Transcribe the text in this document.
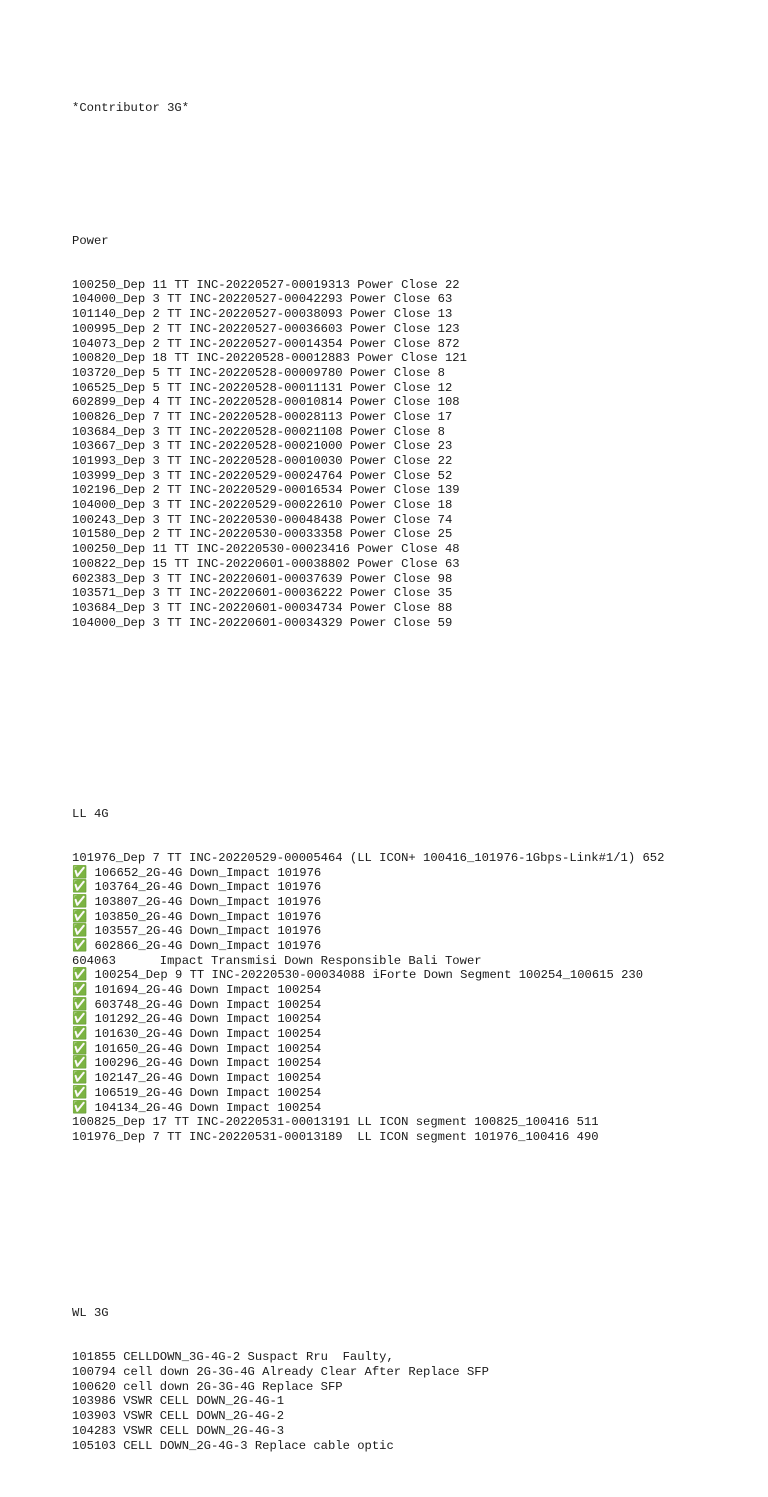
*Contributor 3G*

Power

100250_Dep 11 TT INC-20220527-00019313 Power Close 22
104000_Dep 3 TT INC-20220527-00042293 Power Close 63
101140_Dep 2 TT INC-20220527-00038093 Power Close 13
100995_Dep 2 TT INC-20220527-00036603 Power Close 123
104073_Dep 2 TT INC-20220527-00014354 Power Close 872
100820_Dep 18 TT INC-20220528-00012883 Power Close 121
103720_Dep 5 TT INC-20220528-00009780 Power Close 8
106525_Dep 5 TT INC-20220528-00011131 Power Close 12
602899_Dep 4 TT INC-20220528-00010814 Power Close 108
100826_Dep 7 TT INC-20220528-00028113 Power Close 17
103684_Dep 3 TT INC-20220528-00021108 Power Close 8
103667_Dep 3 TT INC-20220528-00021000 Power Close 23
101993_Dep 3 TT INC-20220528-00010030 Power Close 22
103999_Dep 3 TT INC-20220529-00024764 Power Close 52
102196_Dep 2 TT INC-20220529-00016534 Power Close 139
104000_Dep 3 TT INC-20220529-00022610 Power Close 18
100243_Dep 3 TT INC-20220530-00048438 Power Close 74
101580_Dep 2 TT INC-20220530-00033358 Power Close 25
100250_Dep 11 TT INC-20220530-00023416 Power Close 48
100822_Dep 15 TT INC-20220601-00038802 Power Close 63
602383_Dep 3 TT INC-20220601-00037639 Power Close 98
103571_Dep 3 TT INC-20220601-00036222 Power Close 35
103684_Dep 3 TT INC-20220601-00034734 Power Close 88
104000_Dep 3 TT INC-20220601-00034329 Power Close 59

LL 4G

101976_Dep 7 TT INC-20220529-00005464 (LL ICON+ 100416_101976-1Gbps-Link#1/1) 652
✅ 106652_2G-4G Down_Impact 101976
✅ 103764_2G-4G Down_Impact 101976
✅ 103807_2G-4G Down_Impact 101976
✅ 103850_2G-4G Down_Impact 101976
✅ 103557_2G-4G Down_Impact 101976
✅ 602866_2G-4G Down_Impact 101976
604063      Impact Transmisi Down Responsible Bali Tower
✅ 100254_Dep 9 TT INC-20220530-00034088 iForte Down Segment 100254_100615 230
✅ 101694_2G-4G Down Impact 100254
✅ 603748_2G-4G Down Impact 100254
✅ 101292_2G-4G Down Impact 100254
✅ 101630_2G-4G Down Impact 100254
✅ 101650_2G-4G Down Impact 100254
✅ 100296_2G-4G Down Impact 100254
✅ 102147_2G-4G Down Impact 100254
✅ 106519_2G-4G Down Impact 100254
✅ 104134_2G-4G Down Impact 100254
100825_Dep 17 TT INC-20220531-00013191 LL ICON segment 100825_100416 511
101976_Dep 7 TT INC-20220531-00013189  LL ICON segment 101976_100416 490

WL 3G

101855 CELLDOWN_3G-4G-2 Suspact Rru  Faulty,
100794 cell down 2G-3G-4G Already Clear After Replace SFP
100620 cell down 2G-3G-4G Replace SFP
103986 VSWR CELL DOWN_2G-4G-1
103903 VSWR CELL DOWN_2G-4G-2
104283 VSWR CELL DOWN_2G-4G-3
105103 CELL DOWN_2G-4G-3 Replace cable optic
